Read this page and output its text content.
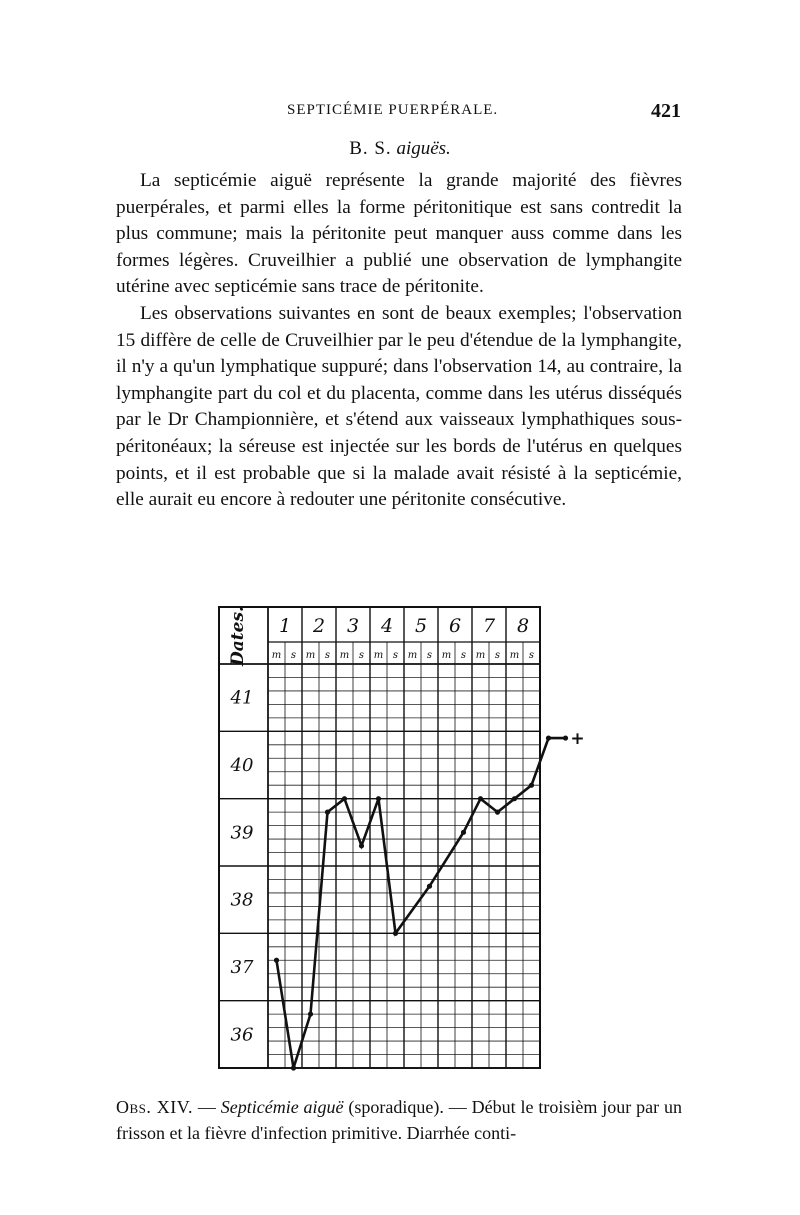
SEPTICÉMIE PUERPÉRALE.	421
B. S. aiguës.

La septicémie aiguë représente la grande majorité des fièvres puerpérales, et parmi elles la forme péritonitique est sans contredit la plus commune; mais la péritonite peut manquer auss comme dans les formes légères. Cruveilhier a publié une observation de lymphangite utérine avec septicémie sans trace de péritonite.

Les observations suivantes en sont de beaux exemples; l'observation 15 diffère de celle de Cruveilhier par le peu d'étendue de la lymphangite, il n'y a qu'un lymphatique suppuré; dans l'observation 14, au contraire, la lymphangite part du col et du placenta, comme dans les utérus disséqués par le Dr Championnière, et s'étend aux vaisseaux lymphathiques sous-péritonéaux; la séreuse est injectée sur les bords de l'utérus en quelques points, et il est probable que si la malade avait résisté à la septicémie, elle aurait eu encore à redouter une péritonite consécutive.

1
m s
2
m s
3
m s
4
m s
5
m s
6
m s
7
m s
8
m s
Dates.
41
40
39
38
37
36
+
Obs. XIV. — Septicémie aiguë (sporadique). — Début le troisièm jour par un frisson et la fièvre d'infection primitive. Diarrhée conti-
